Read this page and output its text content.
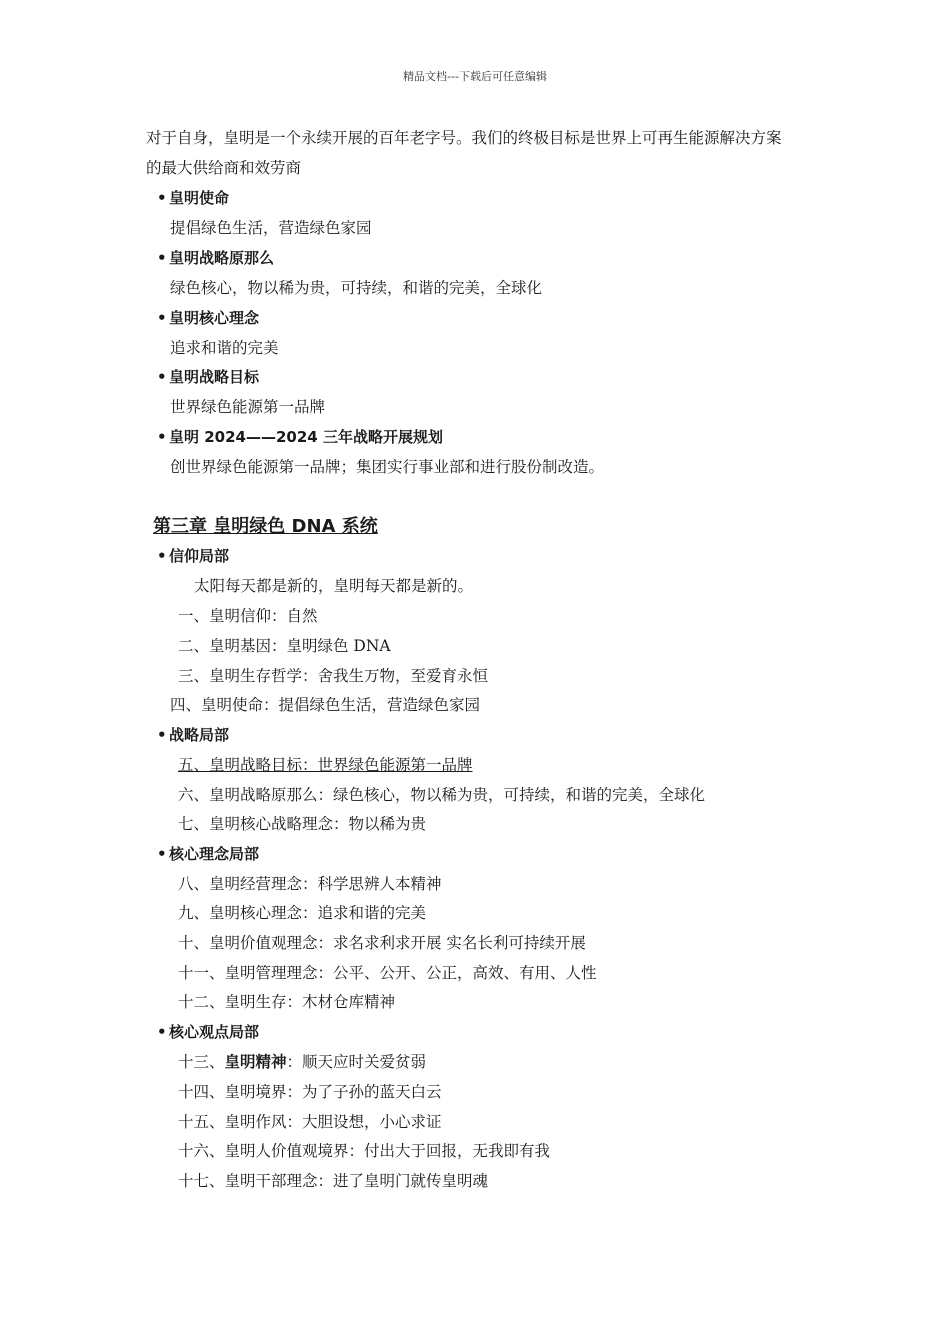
精品文档---下载后可任意编辑
对于自身，皇明是一个永续开展的百年老字号。我们的终极目标是世界上可再生能源解决方案
的最大供给商和效劳商
• 皇明使命
提倡绿色生活，营造绿色家园
• 皇明战略原那么
绿色核心，物以稀为贵，可持续，和谐的完美，全球化
• 皇明核心理念
追求和谐的完美
• 皇明战略目标
世界绿色能源第一品牌
• 皇明 2024——2024 三年战略开展规划
创世界绿色能源第一品牌；集团实行事业部和进行股份制改造。
第三章 皇明绿色 DNA 系统
• 信仰局部
太阳每天都是新的，皇明每天都是新的。
一、皇明信仰：自然
二、皇明基因：皇明绿色 DNA
三、皇明生存哲学：舍我生万物，至爱育永恒
四、皇明使命：提倡绿色生活，营造绿色家园
• 战略局部
五、皇明战略目标：世界绿色能源第一品牌
六、皇明战略原那么：绿色核心，物以稀为贵，可持续，和谐的完美，全球化
七、皇明核心战略理念：物以稀为贵
• 核心理念局部
八、皇明经营理念：科学思辨人本精神
九、皇明核心理念：追求和谐的完美
十、皇明价值观理念：求名求利求开展 实名长利可持续开展
十一、皇明管理理念：公平、公开、公正，高效、有用、人性
十二、皇明生存：木材仓库精神
• 核心观点局部
十三、皇明精神：顺天应时关爱贫弱
十四、皇明境界：为了子孙的蓝天白云
十五、皇明作风：大胆设想，小心求证
十六、皇明人价值观境界：付出大于回报，无我即有我
十七、皇明干部理念：进了皇明门就传皇明魂
